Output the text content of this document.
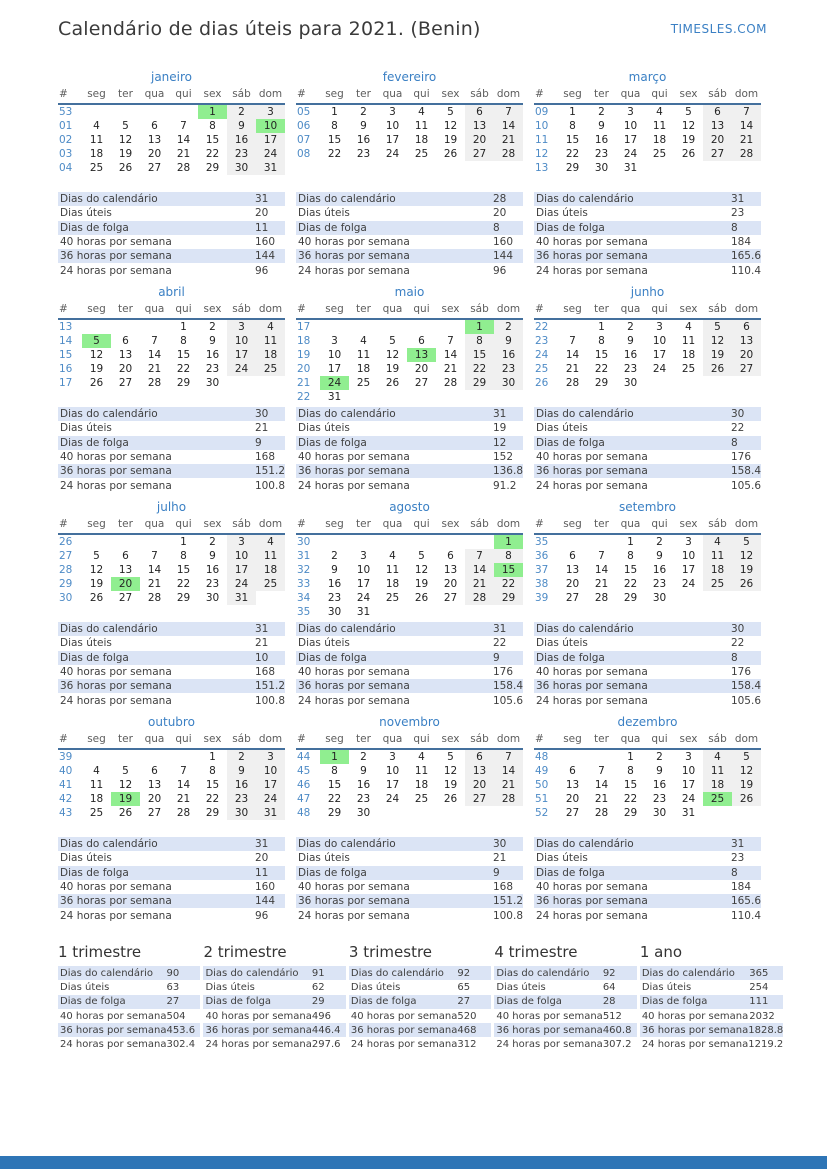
Calendário de dias úteis para 2021. (Benin)	TIMESLES.COM
janeiro
#	seg	ter	qua	qui	sex	sáb	dom
53					1	2	3
01	4	5	6	7	8	9	10
02	11	12	13	14	15	16	17
03	18	19	20	21	22	23	24
04	25	26	27	28	29	30	31
Dias do calendário	31
Dias úteis	20
Dias de folga	11
40 horas por semana	160
36 horas por semana	144
24 horas por semana	96
fevereiro
#	seg	ter	qua	qui	sex	sáb	dom
05	1	2	3	4	5	6	7
06	8	9	10	11	12	13	14
07	15	16	17	18	19	20	21
08	22	23	24	25	26	27	28
Dias do calendário	28
Dias úteis	20
Dias de folga	8
40 horas por semana	160
36 horas por semana	144
24 horas por semana	96
março
#	seg	ter	qua	qui	sex	sáb	dom
09	1	2	3	4	5	6	7
10	8	9	10	11	12	13	14
11	15	16	17	18	19	20	21
12	22	23	24	25	26	27	28
13	29	30	31				
Dias do calendário	31
Dias úteis	23
Dias de folga	8
40 horas por semana	184
36 horas por semana	165.6
24 horas por semana	110.4
abril
#	seg	ter	qua	qui	sex	sáb	dom
13				1	2	3	4
14	5	6	7	8	9	10	11
15	12	13	14	15	16	17	18
16	19	20	21	22	23	24	25
17	26	27	28	29	30		
Dias do calendário	30
Dias úteis	21
Dias de folga	9
40 horas por semana	168
36 horas por semana	151.2
24 horas por semana	100.8
maio
#	seg	ter	qua	qui	sex	sáb	dom
17						1	2
18	3	4	5	6	7	8	9
19	10	11	12	13	14	15	16
20	17	18	19	20	21	22	23
21	24	25	26	27	28	29	30
22	31						
Dias do calendário	31
Dias úteis	19
Dias de folga	12
40 horas por semana	152
36 horas por semana	136.8
24 horas por semana	91.2
junho
#	seg	ter	qua	qui	sex	sáb	dom
22		1	2	3	4	5	6
23	7	8	9	10	11	12	13
24	14	15	16	17	18	19	20
25	21	22	23	24	25	26	27
26	28	29	30				
Dias do calendário	30
Dias úteis	22
Dias de folga	8
40 horas por semana	176
36 horas por semana	158.4
24 horas por semana	105.6
julho
#	seg	ter	qua	qui	sex	sáb	dom
26				1	2	3	4
27	5	6	7	8	9	10	11
28	12	13	14	15	16	17	18
29	19	20	21	22	23	24	25
30	26	27	28	29	30	31	
Dias do calendário	31
Dias úteis	21
Dias de folga	10
40 horas por semana	168
36 horas por semana	151.2
24 horas por semana	100.8
agosto
#	seg	ter	qua	qui	sex	sáb	dom
30							1
31	2	3	4	5	6	7	8
32	9	10	11	12	13	14	15
33	16	17	18	19	20	21	22
34	23	24	25	26	27	28	29
35	30	31					
Dias do calendário	31
Dias úteis	22
Dias de folga	9
40 horas por semana	176
36 horas por semana	158.4
24 horas por semana	105.6
setembro
#	seg	ter	qua	qui	sex	sáb	dom
35			1	2	3	4	5
36	6	7	8	9	10	11	12
37	13	14	15	16	17	18	19
38	20	21	22	23	24	25	26
39	27	28	29	30			
Dias do calendário	30
Dias úteis	22
Dias de folga	8
40 horas por semana	176
36 horas por semana	158.4
24 horas por semana	105.6
outubro
#	seg	ter	qua	qui	sex	sáb	dom
39					1	2	3
40	4	5	6	7	8	9	10
41	11	12	13	14	15	16	17
42	18	19	20	21	22	23	24
43	25	26	27	28	29	30	31
Dias do calendário	31
Dias úteis	20
Dias de folga	11
40 horas por semana	160
36 horas por semana	144
24 horas por semana	96
novembro
#	seg	ter	qua	qui	sex	sáb	dom
44	1	2	3	4	5	6	7
45	8	9	10	11	12	13	14
46	15	16	17	18	19	20	21
47	22	23	24	25	26	27	28
48	29	30					
Dias do calendário	30
Dias úteis	21
Dias de folga	9
40 horas por semana	168
36 horas por semana	151.2
24 horas por semana	100.8
dezembro
#	seg	ter	qua	qui	sex	sáb	dom
48			1	2	3	4	5
49	6	7	8	9	10	11	12
50	13	14	15	16	17	18	19
51	20	21	22	23	24	25	26
52	27	28	29	30	31		
Dias do calendário	31
Dias úteis	23
Dias de folga	8
40 horas por semana	184
36 horas por semana	165.6
24 horas por semana	110.4
1 trimestre
Dias do calendário	90
Dias úteis	63
Dias de folga	27
40 horas por semana 504
36 horas por semana 453.6
24 horas por semana 302.4
2 trimestre
Dias do calendário	91
Dias úteis	62
Dias de folga	29
40 horas por semana 496
36 horas por semana 446.4
24 horas por semana 297.6
3 trimestre
Dias do calendário	92
Dias úteis	65
Dias de folga	27
40 horas por semana 520
36 horas por semana 468
24 horas por semana 312
4 trimestre
Dias do calendário	92
Dias úteis	64
Dias de folga	28
40 horas por semana 512
36 horas por semana 460.8
24 horas por semana 307.2
1 ano
Dias do calendário	365
Dias úteis	254
Dias de folga	111
40 horas por semana 2032
36 horas por semana 1828.8
24 horas por semana 1219.2
